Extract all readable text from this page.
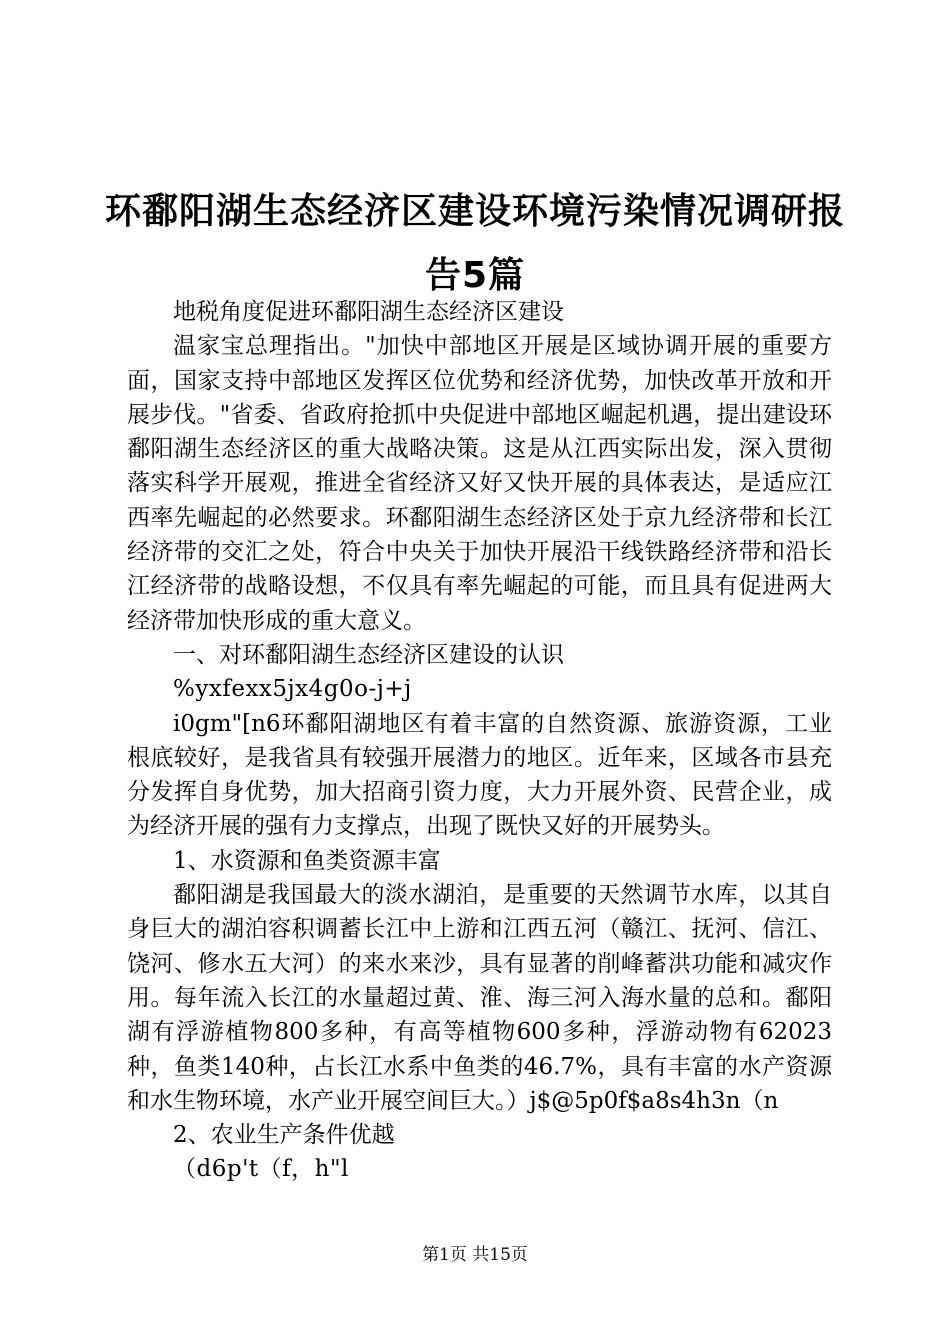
环鄱阳湖生态经济区建设环境污染情况调研报告5篇

地税角度促进环鄱阳湖生态经济区建设

温家宝总理指出。"加快中部地区开展是区域协调开展的重要方面，国家支持中部地区发挥区位优势和经济优势，加快改革开放和开展步伐。"省委、省政府抢抓中央促进中部地区崛起机遇，提出建设环鄱阳湖生态经济区的重大战略决策。这是从江西实际出发，深入贯彻落实科学开展观，推进全省经济又好又快开展的具体表达，是适应江西率先崛起的必然要求。环鄱阳湖生态经济区处于京九经济带和长江经济带的交汇之处，符合中央关于加快开展沿干线铁路经济带和沿长江经济带的战略设想，不仅具有率先崛起的可能，而且具有促进两大经济带加快形成的重大意义。

一、对环鄱阳湖生态经济区建设的认识

%yxfexx5jx4g0o-j+j

i0gm"[n6环鄱阳湖地区有着丰富的自然资源、旅游资源，工业根底较好，是我省具有较强开展潜力的地区。近年来，区域各市县充分发挥自身优势，加大招商引资力度，大力开展外资、民营企业，成为经济开展的强有力支撑点，出现了既快又好的开展势头。

1、水资源和鱼类资源丰富

鄱阳湖是我国最大的淡水湖泊，是重要的天然调节水库，以其自身巨大的湖泊容积调蓄长江中上游和江西五河（赣江、抚河、信江、饶河、修水五大河）的来水来沙，具有显著的削峰蓄洪功能和减灾作用。每年流入长江的水量超过黄、淮、海三河入海水量的总和。鄱阳湖有浮游植物800多种，有高等植物600多种，浮游动物有62023种，鱼类140种，占长江水系中鱼类的46.7%，具有丰富的水产资源和水生物环境，水产业开展空间巨大。）j$@5p0f$a8s4h3n（n

2、农业生产条件优越

（d6p't（f，h"l

第1页 共15页
